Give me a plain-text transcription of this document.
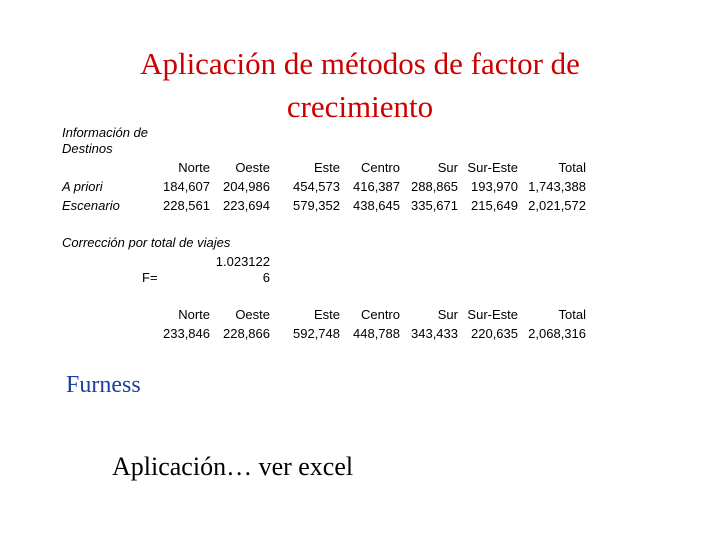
Aplicación de métodos de factor de crecimiento
Información de
Destinos
Norte Oeste	Este Centro	Sur Sur-Este	Total
A priori	184,607 204,986 454,573 416,387 288,865 193,970 1,743,388
Escenario	228,561 223,694 579,352 438,645 335,671 215,649 2,021,572
Corrección por total de viajes
1.023122
F=	6
Norte Oeste	Este Centro	Sur Sur-Este	Total
233,846 228,866 592,748 448,788 343,433 220,635 2,068,316
Furness
Aplicación… ver excel
